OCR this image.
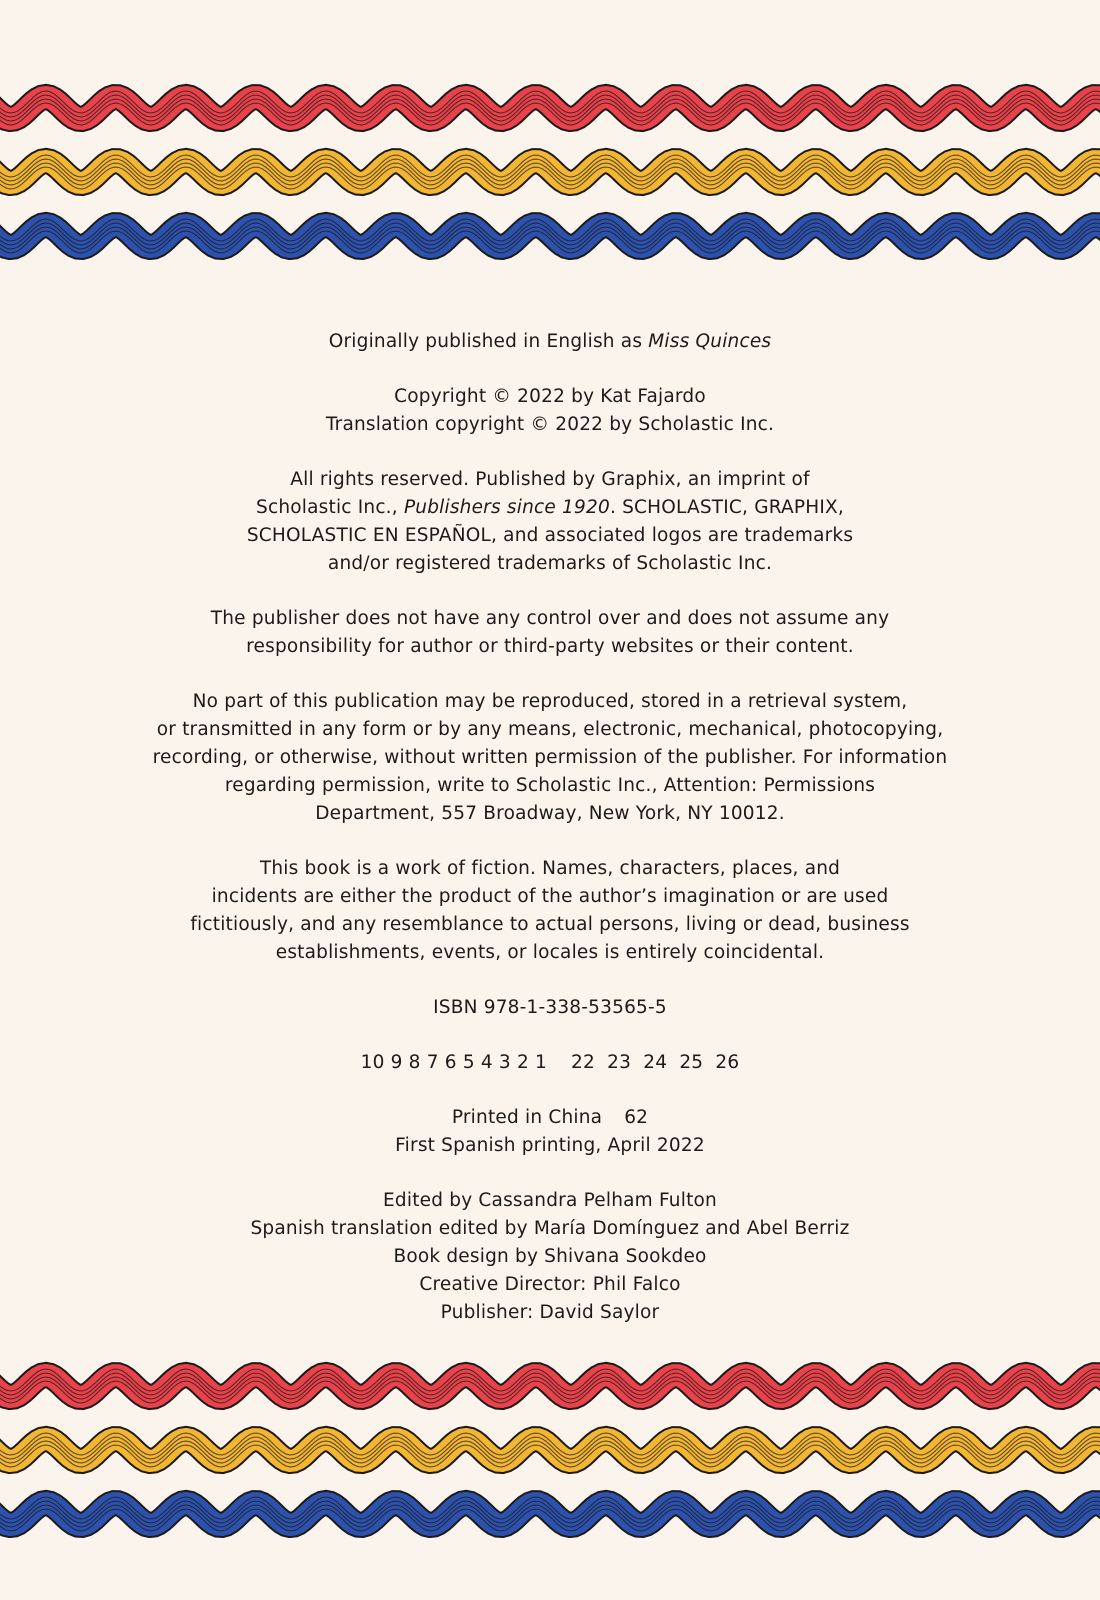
Originally published in English as Miss Quinces
Copyright © 2022 by Kat Fajardo
Translation copyright © 2022 by Scholastic Inc.
All rights reserved. Published by Graphix, an imprint of
Scholastic Inc., Publishers since 1920. SCHOLASTIC, GRAPHIX,
SCHOLASTIC EN ESPAÑOL, and associated logos are trademarks
and/or registered trademarks of Scholastic Inc.
The publisher does not have any control over and does not assume any
responsibility for author or third-party websites or their content.
No part of this publication may be reproduced, stored in a retrieval system,
or transmitted in any form or by any means, electronic, mechanical, photocopying,
recording, or otherwise, without written permission of the publisher. For information
regarding permission, write to Scholastic Inc., Attention: Permissions
Department, 557 Broadway, New York, NY 10012.
This book is a work of fiction. Names, characters, places, and
incidents are either the product of the author’s imagination or are used
fictitiously, and any resemblance to actual persons, living or dead, business
establishments, events, or locales is entirely coincidental.
ISBN 978-1-338-53565-5
10 9 8 7 6 5 4 3 2 1 22  23  24  25  26
Printed in China 62
First Spanish printing, April 2022
Edited by Cassandra Pelham Fulton
Spanish translation edited by María Domínguez and Abel Berriz
Book design by Shivana Sookdeo
Creative Director: Phil Falco
Publisher: David Saylor
